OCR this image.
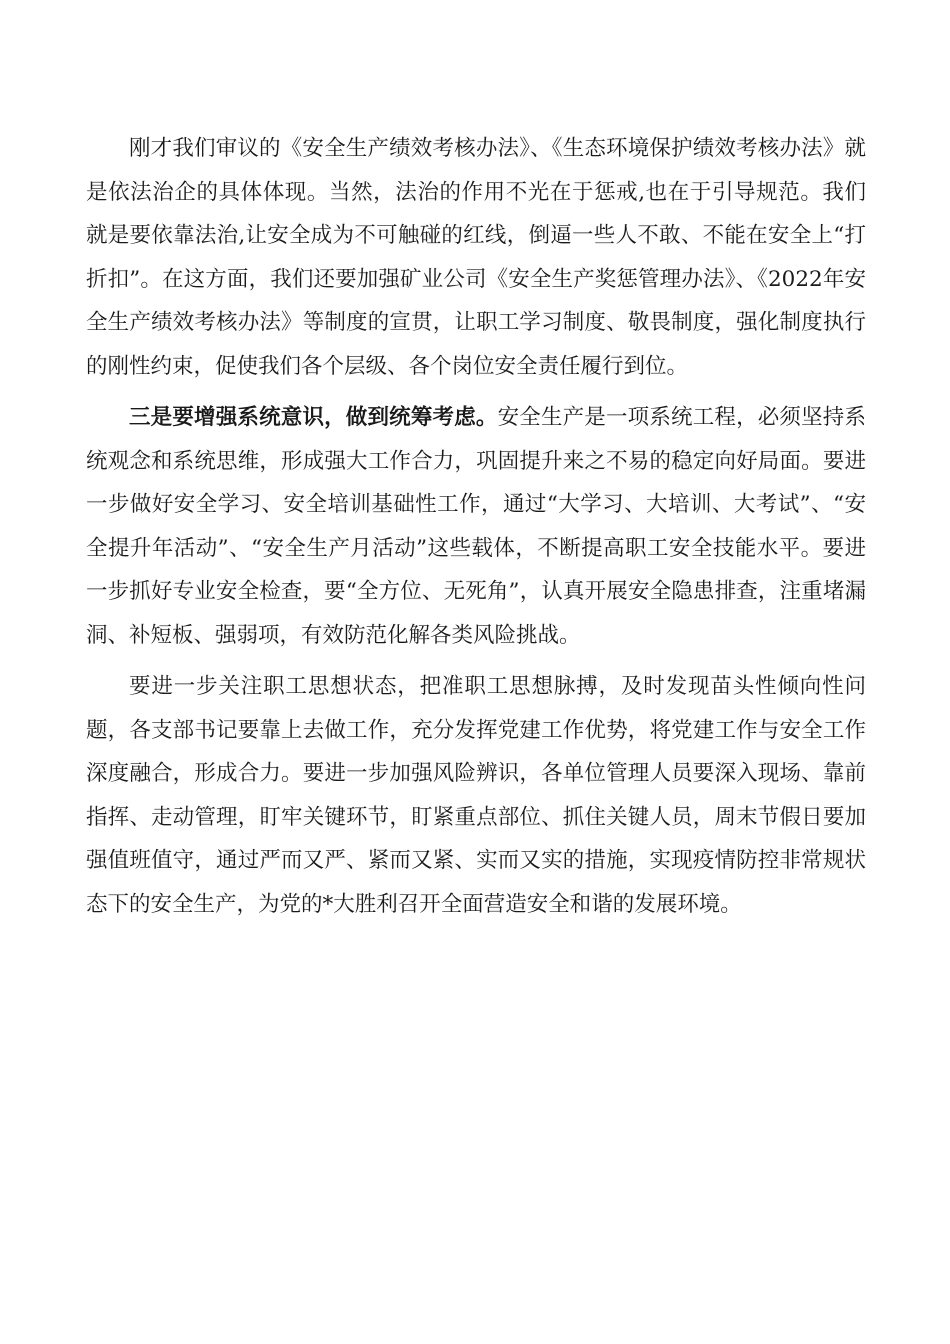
刚才我们审议的《安全生产绩效考核办法》、《生态环境保护绩效考核办法》就是依法治企的具体体现。当然，法治的作用不光在于惩戒,也在于引导规范。我们就是要依靠法治,让安全成为不可触碰的红线，倒逼一些人不敢、不能在安全上“打折扣”。在这方面，我们还要加强矿业公司《安全生产奖惩管理办法》、《2022年安全生产绩效考核办法》等制度的宣贯，让职工学习制度、敬畏制度，强化制度执行的刚性约束，促使我们各个层级、各个岗位安全责任履行到位。

三是要增强系统意识，做到统筹考虑。安全生产是一项系统工程，必须坚持系统观念和系统思维，形成强大工作合力，巩固提升来之不易的稳定向好局面。要进一步做好安全学习、安全培训基础性工作，通过“大学习、大培训、大考试”、“安全提升年活动”、“安全生产月活动”这些载体，不断提高职工安全技能水平。要进一步抓好专业安全检查，要“全方位、无死角”，认真开展安全隐患排查，注重堵漏洞、补短板、强弱项，有效防范化解各类风险挑战。

要进一步关注职工思想状态，把准职工思想脉搏，及时发现苗头性倾向性问题，各支部书记要靠上去做工作，充分发挥党建工作优势，将党建工作与安全工作深度融合，形成合力。要进一步加强风险辨识，各单位管理人员要深入现场、靠前指挥、走动管理，盯牢关键环节，盯紧重点部位、抓住关键人员，周末节假日要加强值班值守，通过严而又严、紧而又紧、实而又实的措施，实现疫情防控非常规状态下的安全生产，为党的*大胜利召开全面营造安全和谐的发展环境。
